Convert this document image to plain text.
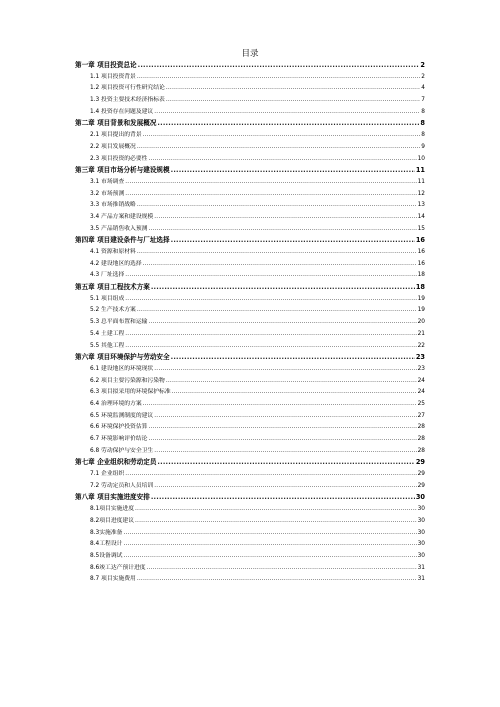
目录
第一章 项目投资总论 .....	2
1.1 项目投资背景 .....	2
1.2 项目投资可行性研究结论 .....	4
1.3 投资主要技术经济指标表 .....	7
1.4 投资存在问题及建议 .....	8
第二章 项目背景和发展概况 .....	8
2.1 项目提出的背景 .....	8
2.2 项目发展概况 .....	9
2.3 项目投资的必要性 .....	10
第三章 项目市场分析与建设规模 .....	11
3.1 市场调查 .....	11
3.2 市场预测 .....	12
3.3 市场推销战略 .....	13
3.4 产品方案和建设规模 .....	14
3.5 产品销售收入预测 .....	15
第四章 项目建设条件与厂址选择 .....	16
4.1 资源和原材料 .....	16
4.2 建设地区的选择 .....	16
4.3 厂址选择 .....	18
第五章 项目工程技术方案 .....	18
5.1 项目组成 .....	19
5.2 生产技术方案 .....	19
5.3 总平面布置和运输 .....	20
5.4 土建工程 .....	21
5.5 其他工程 .....	22
第六章 项目环境保护与劳动安全 .....	23
6.1 建设地区的环境现状 .....	23
6.2 项目主要污染源和污染物 .....	24
6.3 项目拟采用的环境保护标准 .....	24
6.4 治理环境的方案 .....	25
6.5 环境监测制度的建议 .....	27
6.6 环境保护投资估算 .....	28
6.7 环境影响评价结论 .....	28
6.8 劳动保护与安全卫生 .....	28
第七章 企业组织和劳动定员 .....	29
7.1 企业组织 .....	29
7.2 劳动定员和人员培训 .....	29
第八章 项目实施进度安排 .....	30
8.1项目实施进度 .....	30
8.2项目进度建议 .....	30
8.3实施准备 .....	30
8.4工程设计 .....	30
8.5设备调试 .....	30
8.6竣工达产预计进度 .....	31
8.7 项目实施费用 .....	31
